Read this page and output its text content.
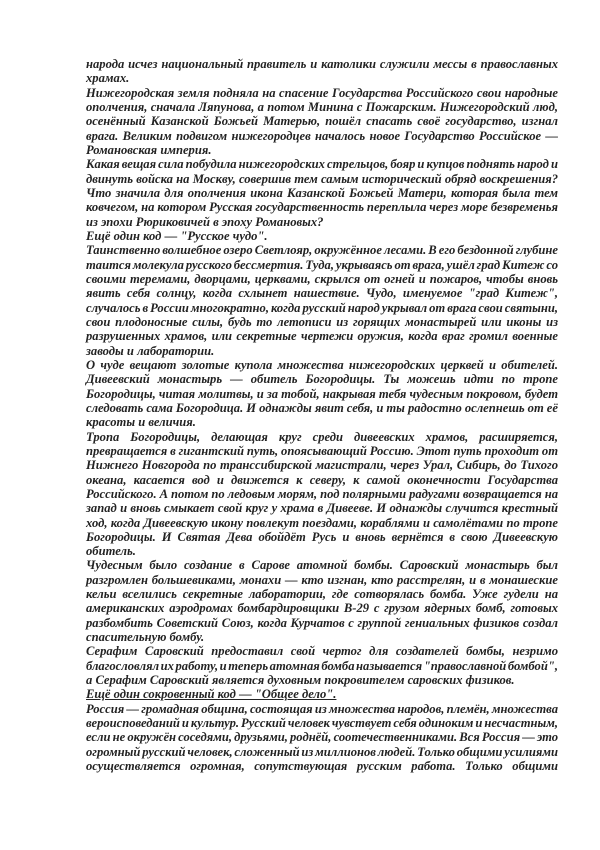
народа исчез национальный правитель и католики служили мессы в православных
храмах.
Нижегородская земля подняла на спасение Государства Российского свои народные
ополчения, сначала Ляпунова, а потом Минина с Пожарским. Нижегородский люд,
осенённый Казанской Божьей Матерью, пошёл спасать своё государство, изгнал
врага. Великим подвигом нижегородцев началось новое Государство Российское —
Романовская империя.
Какая вещая сила побудила нижегородских стрельцов, бояр и купцов поднять народ и
двинуть войска на Москву, совершив тем самым исторический обряд воскрешения?
Что значила для ополчения икона Казанской Божьей Матери, которая была тем
ковчегом, на котором Русская государственность переплыла через море безвременья
из эпохи Рюриковичей в эпоху Романовых?
Ещё один код — "Русское чудо".
Таинственно волшебное озеро Светлояр, окружённое лесами. В его бездонной глубине
таится молекула русского бессмертия. Туда, укрываясь от врага, ушёл град Китеж со
своими теремами, дворцами, церквами, скрылся от огней и пожаров, чтобы вновь
явить себя солнцу, когда схлынет нашествие. Чудо, именуемое "град Китеж",
случалось в России многократно, когда русский народ укрывал от врага свои святыни,
свои плодоносные силы, будь то летописи из горящих монастырей или иконы из
разрушенных храмов, или секретные чертежи оружия, когда враг громил военные
заводы и лаборатории.
О чуде вещают золотые купола множества нижегородских церквей и обителей.
Дивеевский монастырь — обитель Богородицы. Ты можешь идти по тропе
Богородицы, читая молитвы, и за тобой, накрывая тебя чудесным покровом, будет
следовать сама Богородица. И однажды явит себя, и ты радостно ослепнешь от её
красоты и величия.
Тропа Богородицы, делающая круг среди дивеевских храмов, расширяется,
превращается в гигантский путь, опоясывающий Россию. Этот путь проходит от
Нижнего Новгорода по транссибирской магистрали, через Урал, Сибирь, до Тихого
океана, касается вод и движется к северу, к самой оконечности Государства
Российского. А потом по ледовым морям, под полярными радугами возвращается на
запад и вновь смыкает свой круг у храма в Дивееве. И однажды случится крестный
ход, когда Дивеевскую икону повлекут поездами, кораблями и самолётами по тропе
Богородицы. И Святая Дева обойдёт Русь и вновь вернётся в свою Дивеевскую
обитель.
Чудесным было создание в Сарове атомной бомбы. Саровский монастырь был
разгромлен большевиками, монахи — кто изгнан, кто расстрелян, и в монашеские
кельи вселились секретные лаборатории, где сотворялась бомба. Уже гудели на
американских аэродромах бомбардировщики В-29 с грузом ядерных бомб, готовых
разбомбить Советский Союз, когда Курчатов с группой гениальных физиков создал
спасительную бомбу.
Серафим Саровский предоставил свой чертог для создателей бомбы, незримо
благословлял их работу, и теперь атомная бомба называется "православной бомбой",
а Серафим Саровский является духовным покровителем саровских физиков.
Ещё один сокровенный код — "Общее дело".
Россия — громадная община, состоящая из множества народов, племён, множества
вероисповеданий и культур. Русский человек чувствует себя одиноким и несчастным,
если не окружён соседями, друзьями, роднёй, соотечественниками. Вся Россия — это
огромный русский человек, сложенный из миллионов людей. Только общими усилиями
осуществляется огромная, сопутствующая русским работа. Только общими
